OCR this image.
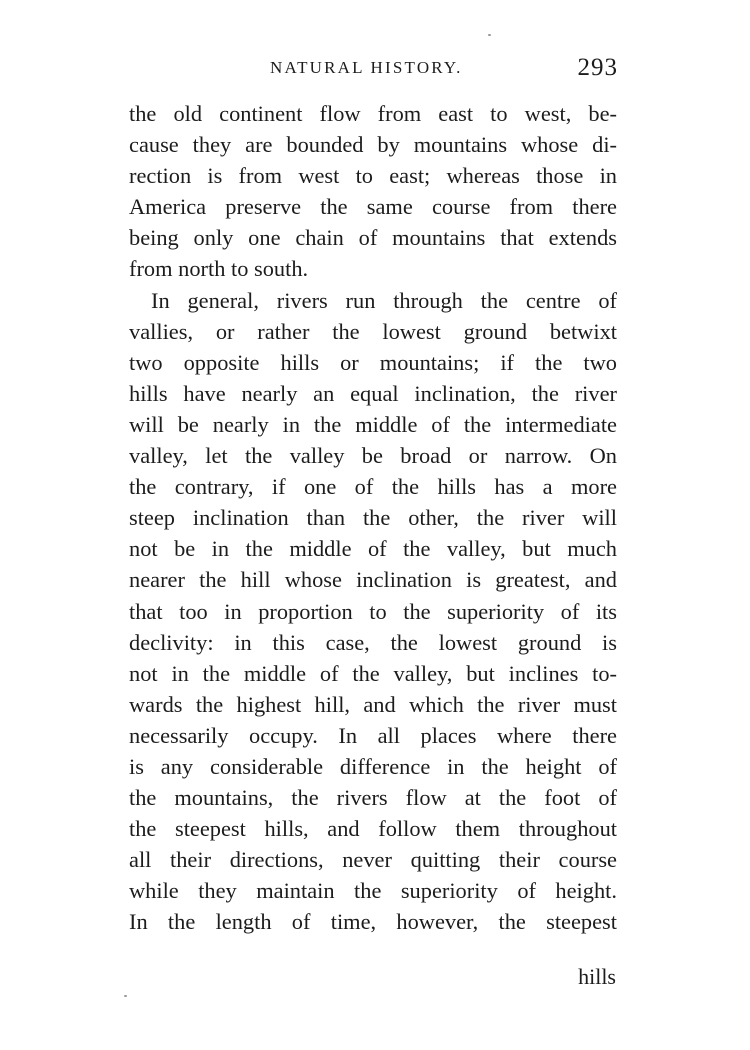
NATURAL HISTORY.	293
the old continent flow from east to west, be-
cause they are bounded by mountains whose di-
rection is from west to east; whereas those in
America preserve the same course from there
being only one chain of mountains that extends
from north to south.
In general, rivers run through the centre of
vallies, or rather the lowest ground betwixt
two opposite hills or mountains; if the two
hills have nearly an equal inclination, the river
will be nearly in the middle of the intermediate
valley, let the valley be broad or narrow. On
the contrary, if one of the hills has a more
steep inclination than the other, the river will
not be in the middle of the valley, but much
nearer the hill whose inclination is greatest, and
that too in proportion to the superiority of its
declivity: in this case, the lowest ground is
not in the middle of the valley, but inclines to-
wards the highest hill, and which the river must
necessarily occupy. In all places where there
is any considerable difference in the height of
the mountains, the rivers flow at the foot of
the steepest hills, and follow them throughout
all their directions, never quitting their course
while they maintain the superiority of height.
In the length of time, however, the steepest
hills
